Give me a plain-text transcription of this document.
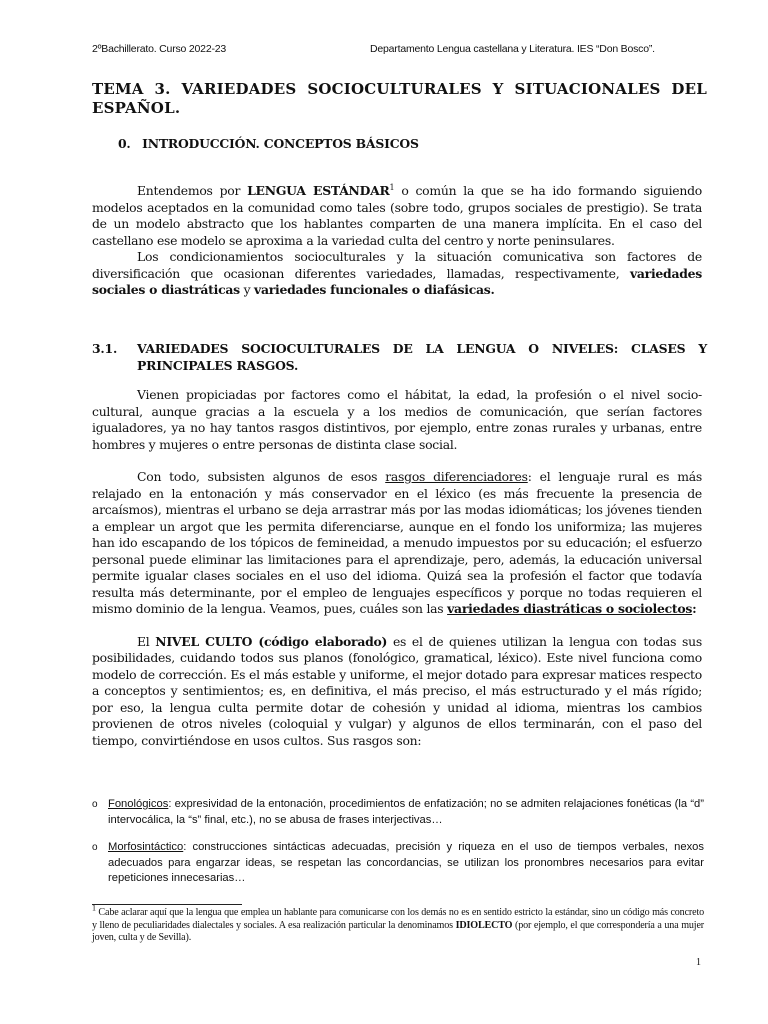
2ºBachillerato. Curso 2022-23	Departamento Lengua castellana y Literatura. IES “Don Bosco”.
TEMA 3. VARIEDADES SOCIOCULTURALES Y SITUACIONALES DEL ESPAÑOL.
0. INTRODUCCIÓN. CONCEPTOS BÁSICOS

Entendemos por LENGUA ESTÁNDAR$^1$ o común la que se ha ido formando siguiendo modelos aceptados en la comunidad como tales (sobre todo, grupos sociales de prestigio). Se trata de un modelo abstracto que los hablantes comparten de una manera implícita. En el caso del castellano ese modelo se aproxima a la variedad culta del centro y norte peninsulares.

Los condicionamientos socioculturales y la situación comunicativa son factores de diversificación que ocasionan diferentes variedades, llamadas, respectivamente, variedades sociales o diastráticas y variedades funcionales o diafásicas.

3.1. VARIEDADES SOCIOCULTURALES DE LA LENGUA O NIVELES: CLASES Y PRINCIPALES RASGOS.

Vienen propiciadas por factores como el hábitat, la edad, la profesión o el nivel socio-cultural, aunque gracias a la escuela y a los medios de comunicación, que serían factores igualadores, ya no hay tantos rasgos distintivos, por ejemplo, entre zonas rurales y urbanas, entre hombres y mujeres o entre personas de distinta clase social.

Con todo, subsisten algunos de esos rasgos diferenciadores: el lenguaje rural es más relajado en la entonación y más conservador en el léxico (es más frecuente la presencia de arcaísmos), mientras el urbano se deja arrastrar más por las modas idiomáticas; los jóvenes tienden a emplear un argot que les permita diferenciarse, aunque en el fondo los uniformiza; las mujeres han ido escapando de los tópicos de femineidad, a menudo impuestos por su educación; el esfuerzo personal puede eliminar las limitaciones para el aprendizaje, pero, además, la educación universal permite igualar clases sociales en el uso del idioma. Quizá sea la profesión el factor que todavía resulta más determinante, por el empleo de lenguajes específicos y porque no todas requieren el mismo dominio de la lengua. Veamos, pues, cuáles son las variedades diastráticas o sociolectos:

El NIVEL CULTO (código elaborado) es el de quienes utilizan la lengua con todas sus posibilidades, cuidando todos sus planos (fonológico, gramatical, léxico). Este nivel funciona como modelo de corrección. Es el más estable y uniforme, el mejor dotado para expresar matices respecto a conceptos y sentimientos; es, en definitiva, el más preciso, el más estructurado y el más rígido; por eso, la lengua culta permite dotar de cohesión y unidad al idioma, mientras los cambios provienen de otros niveles (coloquial y vulgar) y algunos de ellos terminarán, con el paso del tiempo, convirtiéndose en usos cultos. Sus rasgos son:

o Fonológicos: expresividad de la entonación, procedimientos de enfatización; no se admiten relajaciones fonéticas (la “d” intervocálica, la “s” final, etc.), no se abusa de frases interjectivas…

o Morfosintáctico: construcciones sintácticas adecuadas, precisión y riqueza en el uso de tiempos verbales, nexos adecuados para engarzar ideas, se respetan las concordancias, se utilizan los pronombres necesarios para evitar repeticiones innecesarias…

$^1$ Cabe aclarar aquí que la lengua que emplea un hablante para comunicarse con los demás no es en sentido estricto la estándar, sino un código más concreto y lleno de peculiaridades dialectales y sociales. A esa realización particular la denominamos IDIOLECTO (por ejemplo, el que correspondería a una mujer joven, culta y de Sevilla).
1
